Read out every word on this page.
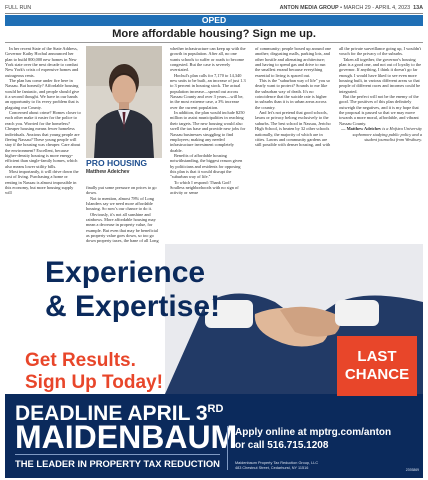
FULL RUN	ANTON MEDIA GROUP • MARCH 29 - APRIL 4, 2023 13A
OPED
More affordable housing? Sign me up.

In her recent State of the State Address, Governor Kathy Hochul announced her plan to build 800,000 new homes in New York state over the next decade to combat New York's crisis of expensive homes and outrageous rents.

The plan has come under fire here in Nassau. But honestly? Affordable housing would be fantastic, and people should give it a second thought. We have in our hands an opportunity to fix every problem that is plaguing our County.

Concerned about crime? Homes closer to each other make it easier for the police to reach you. Worried for the homeless? Cheaper housing means fewer homeless individuals. Anxious that young people are fleeing Nassau? These young people will stay if the housing was cheaper. Care about the environment? Excellent, because higher-density housing is more energy-efficient than single-family homes, which also means lower utility bills.

Most importantly, it will drive down the cost of living. Purchasing a home or renting in Nassau is almost impossible in this economy, but more housing supply will

PRO HOUSING
Matthew Adeichev

finally put some pressure on prices to go down.

Not to mention, almost 78% of Long Islanders say we need more affordable housing. So now's our chance to do it.

Obviously, it's not all sunshine and rainbows. More affordable housing may mean a decrease in property value, for example. But even that may be beneficial as property value goes down, so too go down property taxes, the bane of all Long

whether infrastructure can keep up with the growth in population. After all, no one wants schools to suffer or roads to become congested. But the case is severely overstated.

Hochul's plan calls for 7,170 to 14,340 new units to be built, an increase of just 1.3 to 3 percent in housing stock. The actual population increase—spread out across Nassau County and over 3 years—will be, in the most extreme case, a 3% increase over the current population.

In addition, the plan would include $250 million to assist municipalities in reaching their targets. The new housing would also swell the tax base and provide new jobs for Nassau businesses struggling to find employees; making any needed infrastructure investment completely doable.

Benefits of affordable housing notwithstanding, the biggest reason given by politicians and residents for opposing this plan is that it would disrupt the "suburban way of life."

To which I respond: Thank God! Soulless neighborhoods with no sign of activity or sense

of community; people boxed up around one another; disgusting malls, parking lots, and other hostile and alienating architecture; and having to spend gas and drive to run the smallest errand because everything essential to living is spaced out.

This is the "suburban way of life" you so dearly want to protect? Sounds to me like the suburban way of death. It's no coincidence that the suicide rate is higher in suburbs than it is in urban areas across the country.

And let's not pretend that good schools, lawns or privacy belong exclusively to the suburbs. The best school in Nassau, Jericho High School, is beaten by 32 other schools nationally, the majority of which are in cities. Lawns and community gardens are still possible with denser housing, and with

all the private surveillance going up, I wouldn't vouch for the privacy of the suburbs.

Taken all together, the governor's housing plan is a good one, and not out of loyalty to the governor. If anything, I think it doesn't go far enough. I would have liked to see even more housing built, in various different areas so that people of different races and incomes could be integrated.

But the perfect will not be the enemy of the good. The positives of this plan definitely outweigh the negatives, and it is my hope that the proposal is passed so that we may move towards a more moral, affordable, and vibrant Nassau County.

— Matthew Adeichev is a Hofstra University sophomore studying public policy and a student journalist from Westbury.

Experience
& Expertise!
Get Results.
Sign Up Today!
LAST
CHANCE
DEADLINE APRIL 3RD
MAIDENBAUM
THE LEADER IN PROPERTY TAX REDUCTION
Apply online at mptrg.com/anton
or call 516.715.1208
Maidenbaum Property Tax Reduction Group, LLC
483 Chestnut Street, Cedarhurst, NY 11516	2393869
